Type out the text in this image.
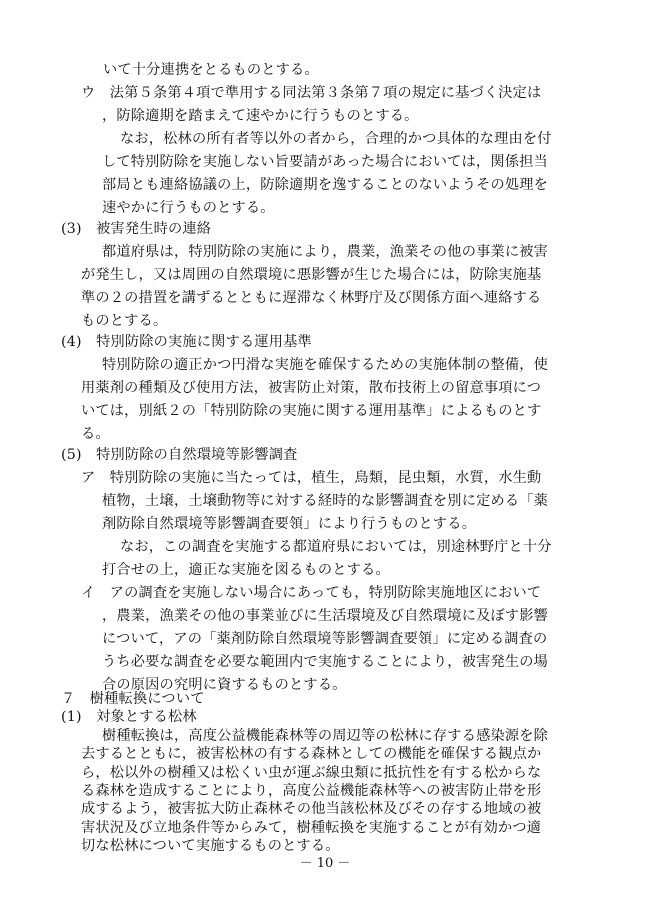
いて十分連携をとるものとする。
ウ　法第５条第４項で準用する同法第３条第７項の規定に基づく決定は
，防除適期を踏まえて速やかに行うものとする。
なお，松林の所有者等以外の者から，合理的かつ具体的な理由を付
して特別防除を実施しない旨要請があった場合においては，関係担当
部局とも連絡協議の上，防除適期を逸することのないようその処理を
速やかに行うものとする。
(3)　被害発生時の連絡
都道府県は，特別防除の実施により，農業，漁業その他の事業に被害
が発生し，又は周囲の自然環境に悪影響が生じた場合には，防除実施基
準の２の措置を講ずるとともに遅滞なく林野庁及び関係方面へ連絡する
ものとする。
(4)　特別防除の実施に関する運用基準
特別防除の適正かつ円滑な実施を確保するための実施体制の整備，使
用薬剤の種類及び使用方法，被害防止対策，散布技術上の留意事項につ
いては，別紙２の「特別防除の実施に関する運用基準」によるものとす
る。
(5)　特別防除の自然環境等影響調査
ア　特別防除の実施に当たっては，植生，鳥類，昆虫類，水質，水生動
植物，土壌，土壌動物等に対する経時的な影響調査を別に定める「薬
剤防除自然環境等影響調査要領」により行うものとする。
なお，この調査を実施する都道府県においては，別途林野庁と十分
打合せの上，適正な実施を図るものとする。
イ　アの調査を実施しない場合にあっても，特別防除実施地区において
，農業，漁業その他の事業並びに生活環境及び自然環境に及ぼす影響
について，アの「薬剤防除自然環境等影響調査要領」に定める調査の
うち必要な調査を必要な範囲内で実施することにより，被害発生の場
合の原因の究明に資するものとする。
７　樹種転換について
(1)　対象とする松林
樹種転換は，高度公益機能森林等の周辺等の松林に存する感染源を除
去するとともに，被害松林の有する森林としての機能を確保する観点か
ら，松以外の樹種又は松くい虫が運ぶ線虫類に抵抗性を有する松からな
る森林を造成することにより，高度公益機能森林等への被害防止帯を形
成するよう，被害拡大防止森林その他当該松林及びその存する地域の被
害状況及び立地条件等からみて，樹種転換を実施することが有効かつ適
切な松林について実施するものとする。
－ 10 －
